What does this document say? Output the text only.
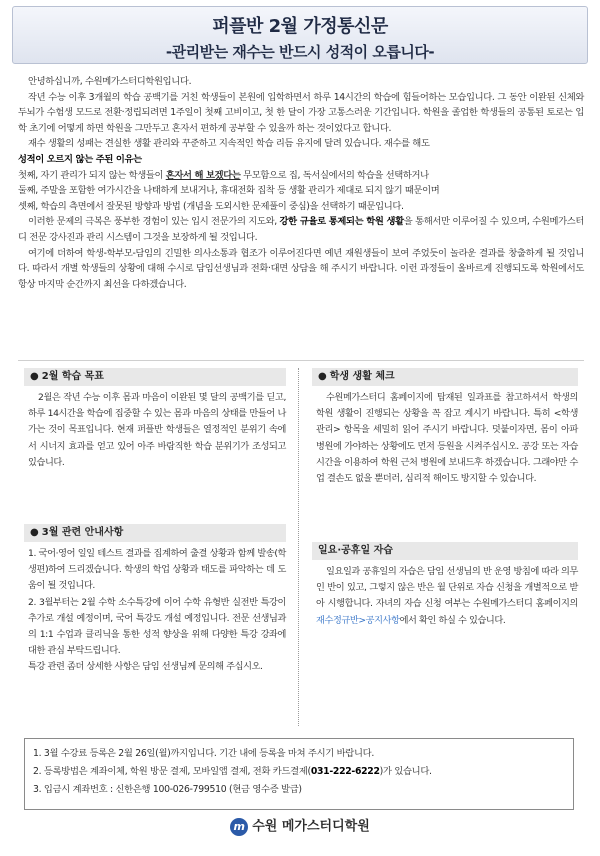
퍼플반 2월 가정통신문
-관리받는 재수는 반드시 성적이 오릅니다-

안녕하십니까, 수원메가스터디학원입니다.

작년 수능 이후 3개월의 학습 공백기를 거친 학생들이 본원에 입학하면서 하루 14시간의 학습에 힘들어하는 모습입니다. 그 동안 이완된 신체와 두뇌가 수험생 모드로 전환·정립되려면 1주일이 첫째 고비이고, 첫 한 달이 가장 고통스러운 기간입니다. 학원을 졸업한 학생들의 공통된 토로는 입학 초기에 어떻게 하면 학원을 그만두고 혼자서 편하게 공부할 수 있을까 하는 것이었다고 합니다.

재수 생활의 성패는 견실한 생활 관리와 꾸준하고 지속적인 학습 리듬 유지에 달려 있습니다. 재수를 해도
성적이 오르지 않는 주된 이유는

첫째, 자기 관리가 되지 않는 학생들이 혼자서 해 보겠다는 무모함으로 집, 독서실에서의 학습을 선택하거나

둘째, 주말을 포함한 여가시간을 나태하게 보내거나, 휴대전화 집착 등 생활 관리가 제대로 되지 않기 때문이며

셋째, 학습의 측면에서 잘못된 방향과 방법 (개념을 도외시한 문제풀이 중심)을 선택하기 때문입니다.

이러한 문제의 극복은 풍부한 경험이 있는 입시 전문가의 지도와, 강한 규율로 통제되는 학원 생활을 통해서만 이루어질 수 있으며, 수원메가스터디 전문 강사진과 관리 시스템이 그것을 보장하게 될 것입니다.

여기에 더하여 학생-학부모-담임의 긴밀한 의사소통과 협조가 이루어진다면 예년 재원생들이 보여 주었듯이 놀라운 결과를 창출하게 될 것입니다. 따라서 개별 학생들의 상황에 대해 수시로 담임선생님과 전화·대면 상담을 해 주시기 바랍니다. 이런 과정들이 올바르게 진행되도록 학원에서도 항상 마지막 순간까지 최선을 다하겠습니다.

● 2월 학습 목표
2월은 작년 수능 이후 몸과 마음이 이완된 몇 달의 공백기를 딛고, 하루 14시간을 학습에 집중할 수 있는 몸과 마음의 상태를 만들어 나가는 것이 목표입니다. 현재 퍼플반 학생들은 열정적인 분위기 속에서 시너지 효과를 얻고 있어 아주 바람직한 학습 분위기가 조성되고 있습니다.
● 3월 관련 안내사항

1. 국어·영어 일일 테스트 결과를 집계하여 출결 상황과 함께 발송(학생편)하여 드리겠습니다. 학생의 학업 상황과 태도를 파악하는 데 도움이 될 것입니다.

2. 3월부터는 2월 수학 소수특강에 이어 수학 유형반 실전반 특강이 추가로 개설 예정이며, 국어 특강도 개설 예정입니다. 전문 선생님과의 1:1 수업과 클리닉을 통한 성적 향상을 위해 다양한 특강 강좌에 대한 관심 부탁드립니다.

특강 관련 좀더 상세한 사항은 담임 선생님께 문의해 주십시오.

● 학생 생활 체크
수원메가스터디 홈페이지에 탑재된 일과표를 참고하셔서 학생의 학원 생활이 진행되는 상황을 꼭 잡고 계시기 바랍니다. 특히 <학생 관리> 항목을 세밀히 읽어 주시기 바랍니다. 덧붙이자면, 몸이 아파 병원에 가야하는 상황에도 먼저 등원을 시켜주십시오. 공강 또는 자습 시간을 이용하여 학원 근처 병원에 보내드후 하겠습니다. 그래야만 수업 결손도 없을 뿐더러, 심리적 해이도 방지할 수 있습니다.
일요·공휴일 자습
일요일과 공휴일의 자습은 담임 선생님의 반 운영 방침에 따라 의무인 반이 있고, 그렇지 않은 반은 월 단위로 자습 신청을 개별적으로 받아 시행합니다. 자녀의 자습 신청 여부는 수원메가스터디 홈페이지의 재수정규반>공지사항에서 확인 하실 수 있습니다.
1. 3월 수강료 등록은 2월 26일(월)까지입니다. 기간 내에 등록을 마쳐 주시기 바랍니다.
2. 등록방법은 계좌이체, 학원 방문 결제, 모바일앱 결제, 전화 카드결제(031-222-6222)가 있습니다.
3. 입금시 계좌번호 : 신한은행 100-026-799510 (현금 영수증 발급)
m 수원 메가스터디학원
